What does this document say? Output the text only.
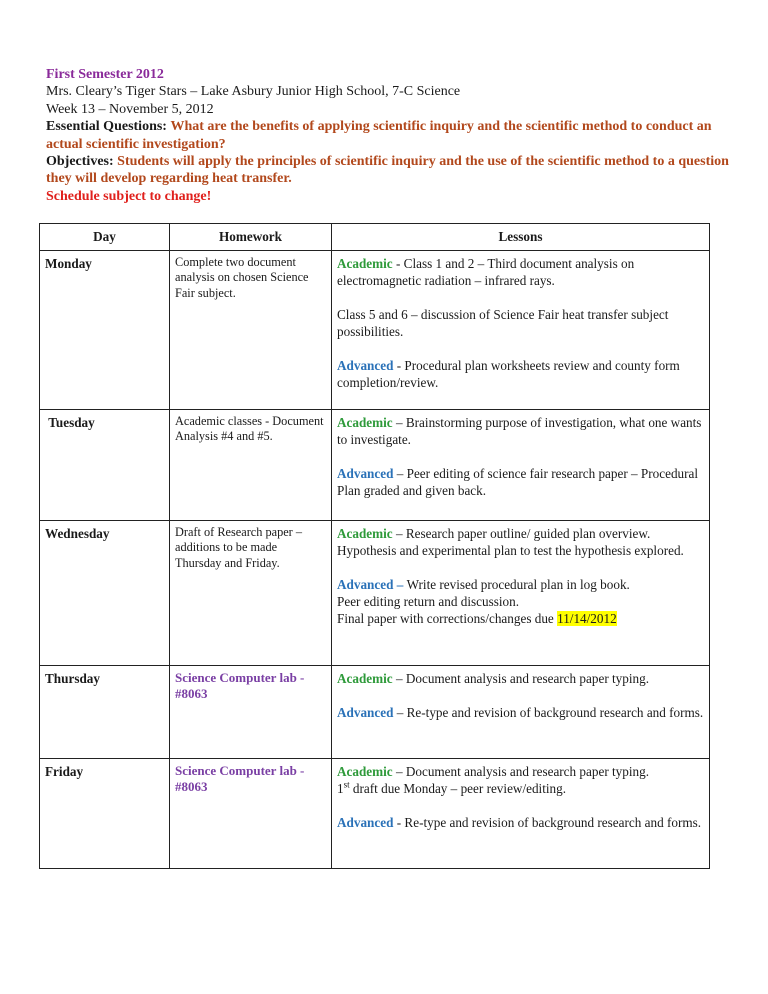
First Semester 2012
Mrs. Cleary’s Tiger Stars – Lake Asbury Junior High School, 7-C Science
Week 13 – November 5, 2012
Essential Questions: What are the benefits of applying scientific inquiry and the scientific method to conduct an actual scientific investigation?
Objectives: Students will apply the principles of scientific inquiry and the use of the scientific method to a question they will develop regarding heat transfer.
Schedule subject to change!
Day	Homework	Lessons
Monday	Complete two document analysis on chosen Science Fair subject.	Academic - Class 1 and 2 – Third document analysis on electromagnetic radiation – infrared rays.

Class 5 and 6 – discussion of Science Fair heat transfer subject possibilities.

Advanced - Procedural plan worksheets review and county form completion/review.

Tuesday	Academic classes - Document Analysis #4 and #5.	Academic – Brainstorming purpose of investigation, what one wants to investigate.

Advanced – Peer editing of science fair research paper – Procedural Plan graded and given back.

Wednesday	Draft of Research paper – additions to be made Thursday and Friday.	Academic – Research paper outline/ guided plan overview. Hypothesis and experimental plan to test the hypothesis explored.

Advanced – Write revised procedural plan in log book.
Peer editing return and discussion.
Final paper with corrections/changes due 11/14/2012

Thursday	Science Computer lab - #8063	Academic – Document analysis and research paper typing.

Advanced – Re-type and revision of background research and forms.

Friday	Science Computer lab - #8063	Academic – Document analysis and research paper typing.
1st draft due Monday – peer review/editing.

Advanced - Re-type and revision of background research and forms.
